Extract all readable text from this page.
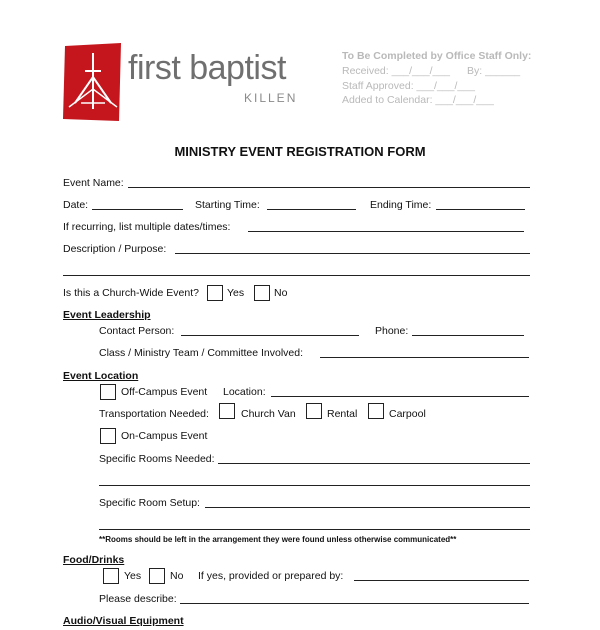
first baptist
KILLEN
To Be Completed by Office Staff Only:
Received: ___/___/___ By: ______
Staff Approved: ___/___/___
Added to Calendar: ___/___/___
MINISTRY EVENT REGISTRATION FORM
Event Name:
Date:	Starting Time:	Ending Time:
If recurring, list multiple dates/times:
Description / Purpose:
Is this a Church-Wide Event?	Yes	No
Event Leadership
Contact Person:	Phone:
Class / Ministry Team / Committee Involved:
Event Location
Off-Campus Event Location:
Transportation Needed:	Church Van	Rental	Carpool
On-Campus Event
Specific Rooms Needed:
Specific Room Setup:
**Rooms should be left in the arrangement they were found unless otherwise communicated**
Food/Drinks
Yes	No If yes, provided or prepared by:
Please describe:
Audio/Visual Equipment
